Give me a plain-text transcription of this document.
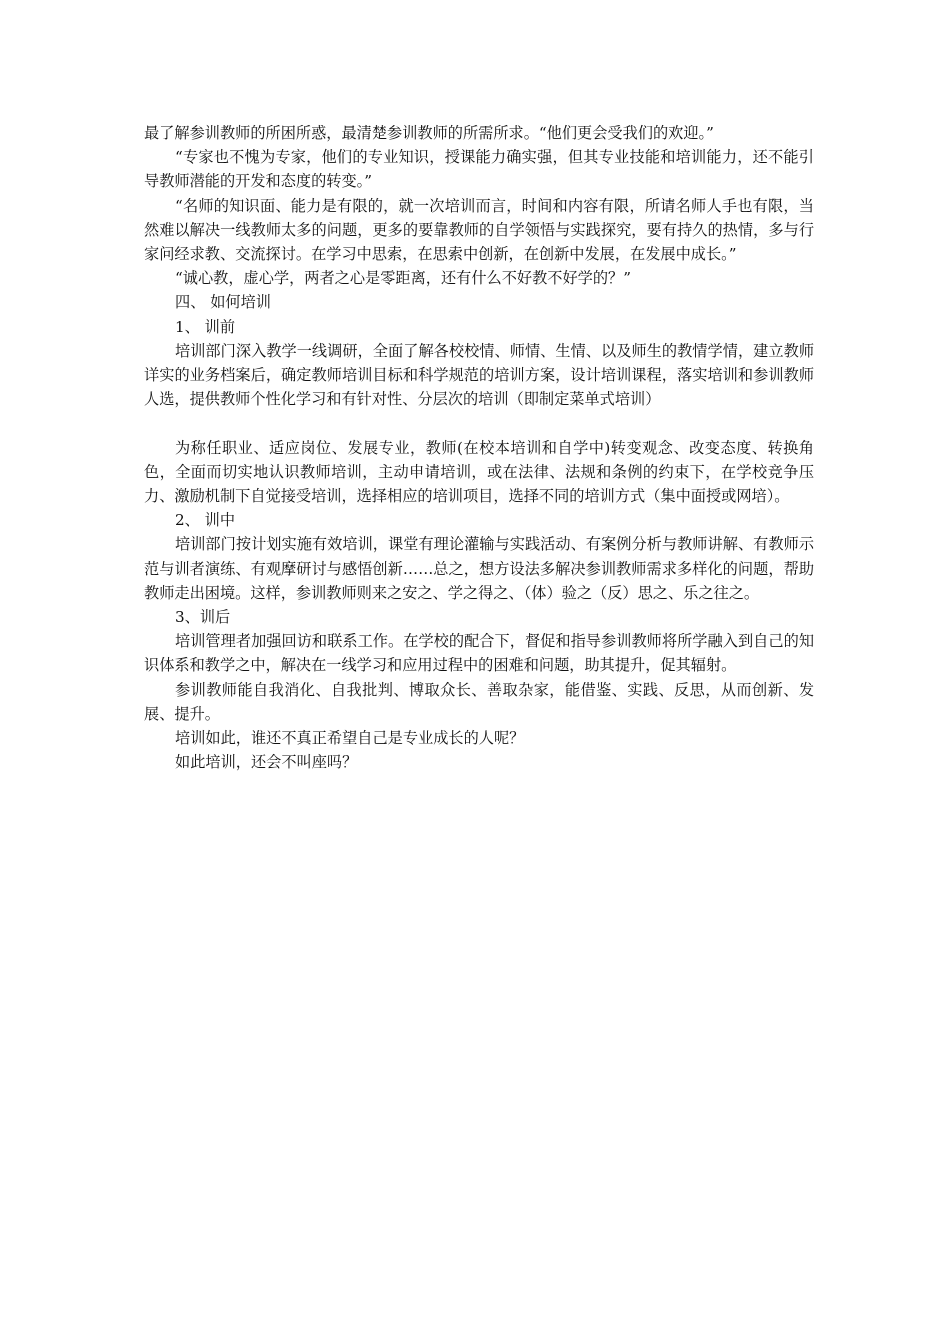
最了解参训教师的所困所惑，最清楚参训教师的所需所求。“他们更会受我们的欢迎。”

“专家也不愧为专家，他们的专业知识，授课能力确实强，但其专业技能和培训能力，还不能引导教师潜能的开发和态度的转变。”

“名师的知识面、能力是有限的，就一次培训而言，时间和内容有限，所请名师人手也有限，当然难以解决一线教师太多的问题，更多的要靠教师的自学领悟与实践探究，要有持久的热情，多与行家问经求教、交流探讨。在学习中思索，在思索中创新，在创新中发展，在发展中成长。”

“诚心教，虚心学，两者之心是零距离，还有什么不好教不好学的？”

四、 如何培训

1、 训前

培训部门深入教学一线调研，全面了解各校校情、师情、生情、以及师生的教情学情，建立教师详实的业务档案后，确定教师培训目标和科学规范的培训方案，设计培训课程，落实培训和参训教师人选，提供教师个性化学习和有针对性、分层次的培训（即制定菜单式培训）

为称任职业、适应岗位、发展专业，教师(在校本培训和自学中)转变观念、改变态度、转换角色，全面而切实地认识教师培训，主动申请培训，或在法律、法规和条例的约束下，在学校竞争压力、激励机制下自觉接受培训，选择相应的培训项目，选择不同的培训方式（集中面授或网培）。

2、 训中

培训部门按计划实施有效培训，课堂有理论灌输与实践活动、有案例分析与教师讲解、有教师示范与训者演练、有观摩研讨与感悟创新……总之，想方设法多解决参训教师需求多样化的问题，帮助教师走出困境。这样，参训教师则来之安之、学之得之、（体）验之（反）思之、乐之往之。

3、训后

培训管理者加强回访和联系工作。在学校的配合下，督促和指导参训教师将所学融入到自己的知识体系和教学之中，解决在一线学习和应用过程中的困难和问题，助其提升，促其辐射。

参训教师能自我消化、自我批判、博取众长、善取杂家，能借鉴、实践、反思，从而创新、发展、提升。

培训如此，谁还不真正希望自己是专业成长的人呢？

如此培训，还会不叫座吗？
